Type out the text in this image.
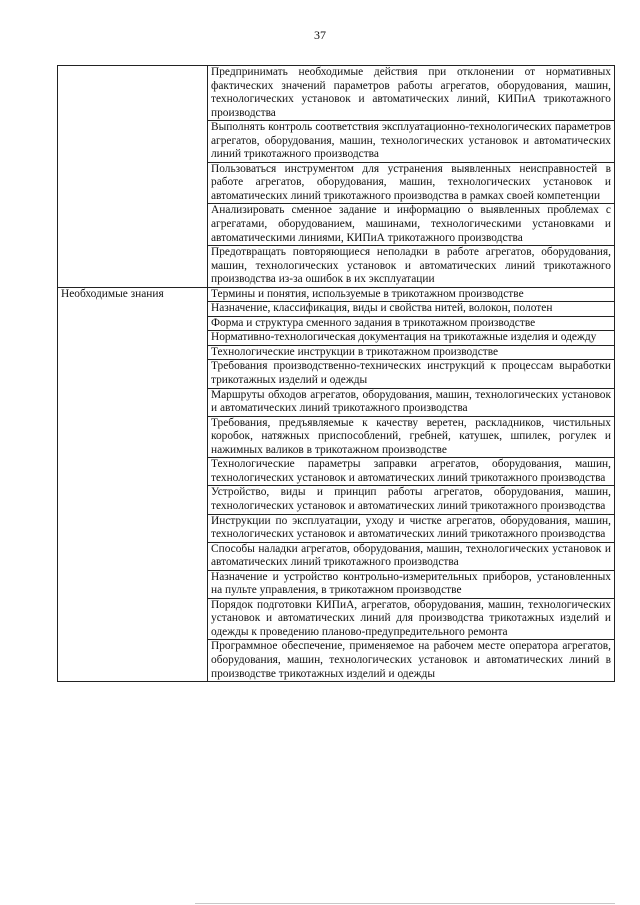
37
	Предпринимать необходимые действия при отклонении от нормативных фактических значений параметров работы агрегатов, оборудования, машин, технологических установок и автоматических линий, КИПиА трикотажного производства
	Выполнять контроль соответствия эксплуатационно-технологических параметров агрегатов, оборудования, машин, технологических установок и автоматических линий трикотажного производства
	Пользоваться инструментом для устранения выявленных неисправностей в работе агрегатов, оборудования, машин, технологических установок и автоматических линий трикотажного производства в рамках своей компетенции
	Анализировать сменное задание и информацию о выявленных проблемах с агрегатами, оборудованием, машинами, технологическими установками и автоматическими линиями, КИПиА трикотажного производства
	Предотвращать повторяющиеся неполадки в работе агрегатов, оборудования, машин, технологических установок и автоматических линий трикотажного производства из-за ошибок в их эксплуатации
Необходимые знания	Термины и понятия, используемые в трикотажном производстве
	Назначение, классификация, виды и свойства нитей, волокон, полотен
	Форма и структура сменного задания в трикотажном производстве
	Нормативно-технологическая документация на трикотажные изделия и одежду
	Технологические инструкции в трикотажном производстве
	Требования производственно-технических инструкций к процессам выработки трикотажных изделий и одежды
	Маршруты обходов агрегатов, оборудования, машин, технологических установок и автоматических линий трикотажного производства
	Требования, предъявляемые к качеству веретен, раскладников, чистильных коробок, натяжных приспособлений, гребней, катушек, шпилек, рогулек и нажимных валиков в трикотажном производстве
	Технологические параметры заправки агрегатов, оборудования, машин, технологических установок и автоматических линий трикотажного производства
	Устройство, виды и принцип работы агрегатов, оборудования, машин, технологических установок и автоматических линий трикотажного производства
	Инструкции по эксплуатации, уходу и чистке агрегатов, оборудования, машин, технологических установок и автоматических линий трикотажного производства
	Способы наладки агрегатов, оборудования, машин, технологических установок и автоматических линий трикотажного производства
	Назначение и устройство контрольно-измерительных приборов, установленных на пульте управления, в трикотажном производстве
	Порядок подготовки КИПиА, агрегатов, оборудования, машин, технологических установок и автоматических линий для производства трикотажных изделий и одежды к проведению планово-предупредительного ремонта
	Программное обеспечение, применяемое на рабочем месте оператора агрегатов, оборудования, машин, технологических установок и автоматических линий в производстве трикотажных изделий и одежды
